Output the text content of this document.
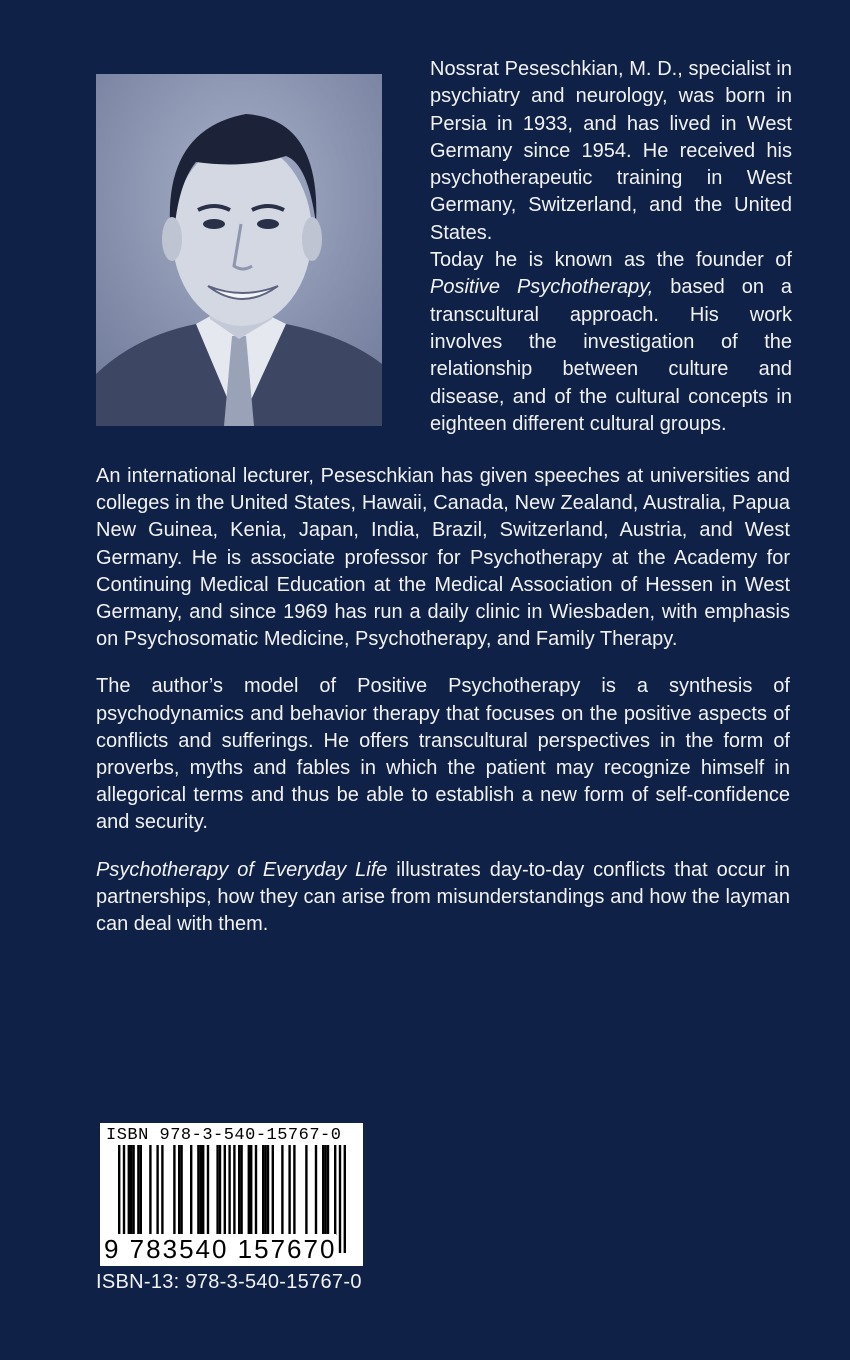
Nossrat Peseschkian, M. D., specialist in psychiatry and neurology, was born in Persia in 1933, and has lived in West Germany since 1954. He received his psychotherapeutic training in West Germany, Switzerland, and the United States.

Today he is known as the founder of Positive Psychotherapy, based on a transcultural approach. His work involves the investigation of the relationship between culture and disease, and of the cultural concepts in eighteen different cultural groups.

An international lecturer, Peseschkian has given speeches at universities and colleges in the United States, Hawaii, Canada, New Zealand, Australia, Papua New Guinea, Kenia, Japan, India, Brazil, Switzerland, Austria, and West Germany. He is associate professor for Psychotherapy at the Academy for Continuing Medical Education at the Medical Association of Hessen in West Germany, and since 1969 has run a daily clinic in Wiesbaden, with emphasis on Psychosomatic Medicine, Psychotherapy, and Family Therapy.

The author’s model of Positive Psychotherapy is a synthesis of psychodynamics and behavior therapy that focuses on the positive aspects of conflicts and sufferings. He offers transcultural perspectives in the form of proverbs, myths and fables in which the patient may recognize himself in allegorical terms and thus be able to establish a new form of self-confidence and security.

Psychotherapy of Everyday Life illustrates day-to-day conflicts that occur in partnerships, how they can arise from misunderstandings and how the layman can deal with them.

ISBN 978-3-540-15767-0
9 783540 157670
ISBN-13: 978-3-540-15767-0
